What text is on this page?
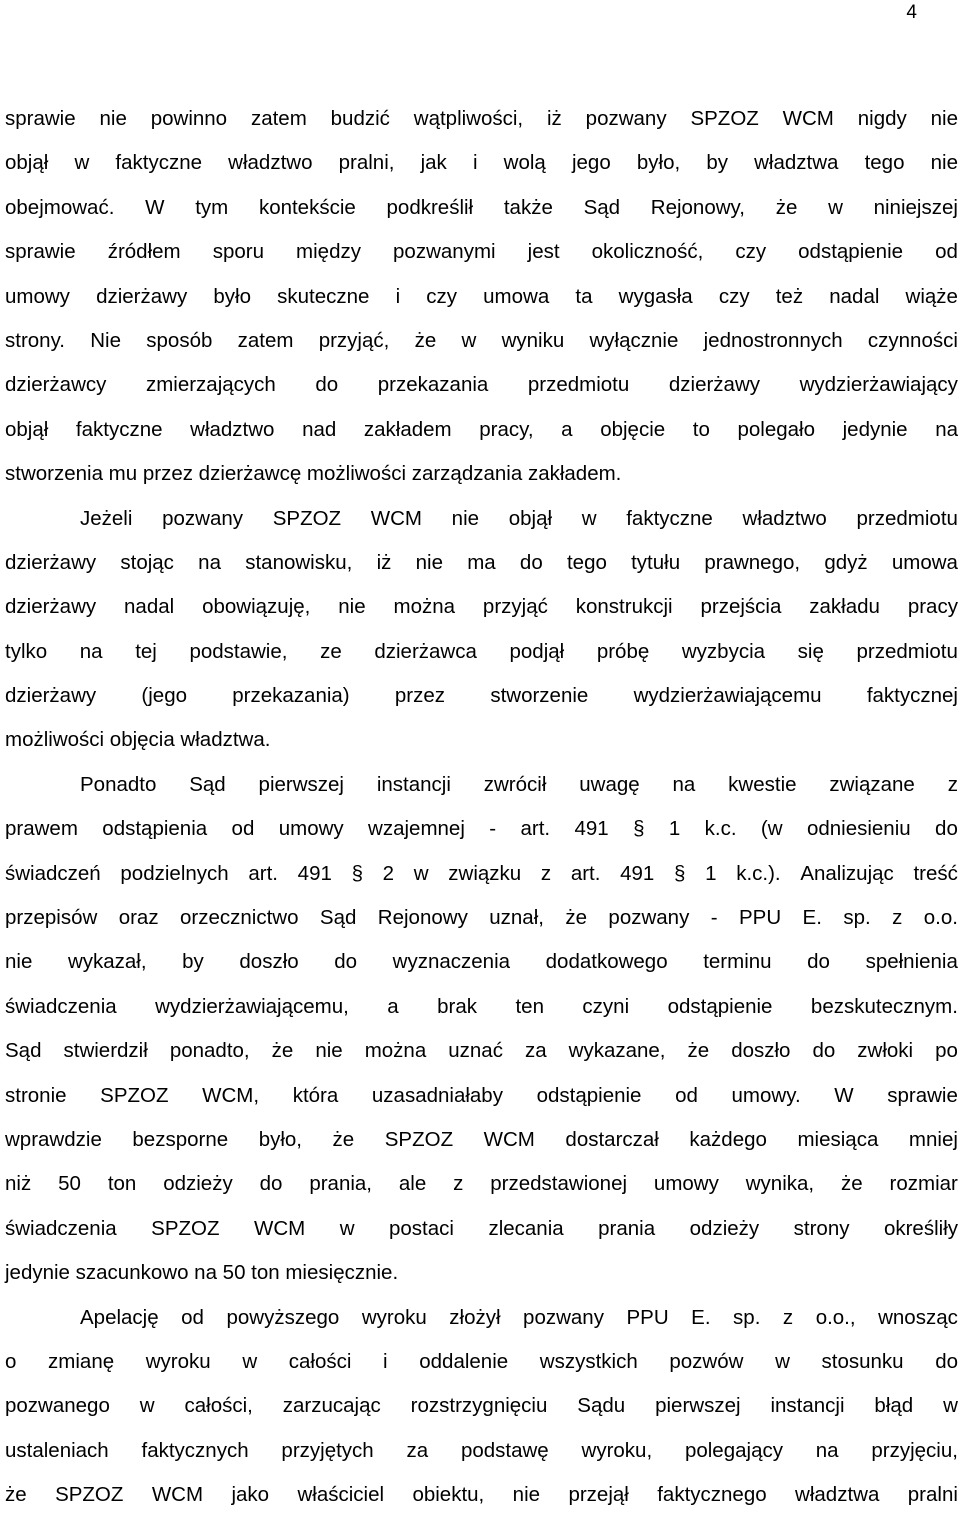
4
sprawie nie powinno zatem budzić wątpliwości, iż pozwany SPZOZ WCM nigdy nie
objął w faktyczne władztwo pralni, jak i wolą jego było, by władztwa tego nie
obejmować. W tym kontekście podkreślił także Sąd Rejonowy, że w niniejszej
sprawie źródłem sporu między pozwanymi jest okoliczność, czy odstąpienie od
umowy dzierżawy było skuteczne i czy umowa ta wygasła czy też nadal wiąże
strony. Nie sposób zatem przyjąć, że w wyniku wyłącznie jednostronnych czynności
dzierżawcy zmierzających do przekazania przedmiotu dzierżawy wydzierżawiający
objął faktyczne władztwo nad zakładem pracy, a objęcie to polegało jedynie na
stworzenia mu przez dzierżawcę możliwości zarządzania zakładem.
Jeżeli pozwany SPZOZ WCM nie objął w faktyczne władztwo przedmiotu
dzierżawy stojąc na stanowisku, iż nie ma do tego tytułu prawnego, gdyż umowa
dzierżawy nadal obowiązuję, nie można przyjąć konstrukcji przejścia zakładu pracy
tylko na tej podstawie, ze dzierżawca podjął próbę wyzbycia się przedmiotu
dzierżawy (jego przekazania) przez stworzenie wydzierżawiającemu faktycznej
możliwości objęcia władztwa.
Ponadto Sąd pierwszej instancji zwrócił uwagę na kwestie związane z
prawem odstąpienia od umowy wzajemnej - art. 491 § 1 k.c. (w odniesieniu do
świadczeń podzielnych art. 491 § 2 w związku z art. 491 § 1 k.c.). Analizując treść
przepisów oraz orzecznictwo Sąd Rejonowy uznał, że pozwany - PPU E. sp. z o.o.
nie wykazał, by doszło do wyznaczenia dodatkowego terminu do spełnienia
świadczenia wydzierżawiającemu, a brak ten czyni odstąpienie bezskutecznym.
Sąd stwierdził ponadto, że nie można uznać za wykazane, że doszło do zwłoki po
stronie SPZOZ WCM, która uzasadniałaby odstąpienie od umowy. W sprawie
wprawdzie bezsporne było, że SPZOZ WCM dostarczał każdego miesiąca mniej
niż 50 ton odzieży do prania, ale z przedstawionej umowy wynika, że rozmiar
świadczenia SPZOZ WCM w postaci zlecania prania odzieży strony określiły
jedynie szacunkowo na 50 ton miesięcznie.
Apelację od powyższego wyroku złożył pozwany PPU E. sp. z o.o., wnosząc
o zmianę wyroku w całości i oddalenie wszystkich pozwów w stosunku do
pozwanego w całości, zarzucając rozstrzygnięciu Sądu pierwszej instancji błąd w
ustaleniach faktycznych przyjętych za podstawę wyroku, polegający na przyjęciu,
że SPZOZ WCM jako właściciel obiektu, nie przejął faktycznego władztwa pralni
